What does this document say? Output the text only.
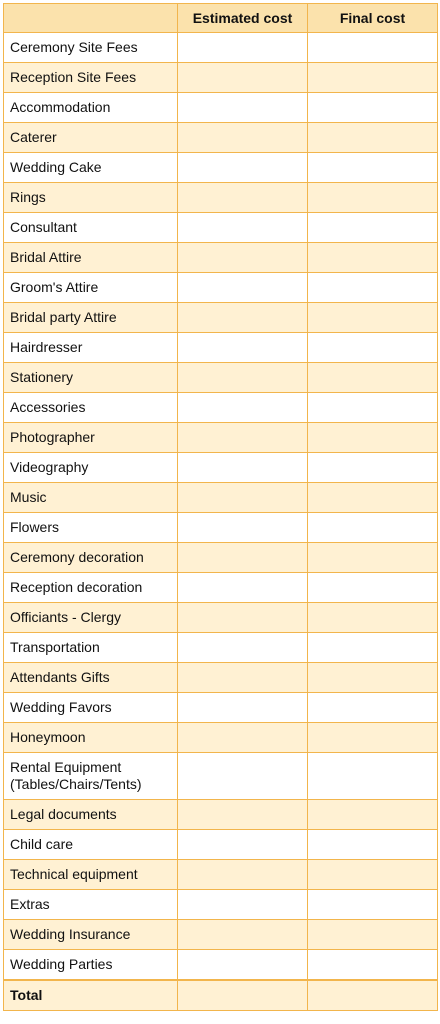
	Estimated cost	Final cost
Ceremony Site Fees		
Reception Site Fees		
Accommodation		
Caterer		
Wedding Cake		
Rings		
Consultant		
Bridal Attire		
Groom's Attire		
Bridal party Attire		
Hairdresser		
Stationery		
Accessories		
Photographer		
Videography		
Music		
Flowers		
Ceremony decoration		
Reception decoration		
Officiants - Clergy		
Transportation		
Attendants Gifts		
Wedding Favors		
Honeymoon		

Rental Equipment
(Tables/Chairs/Tents)		

Legal documents		
Child care		
Technical equipment		
Extras		
Wedding Insurance		
Wedding Parties		
Total		
